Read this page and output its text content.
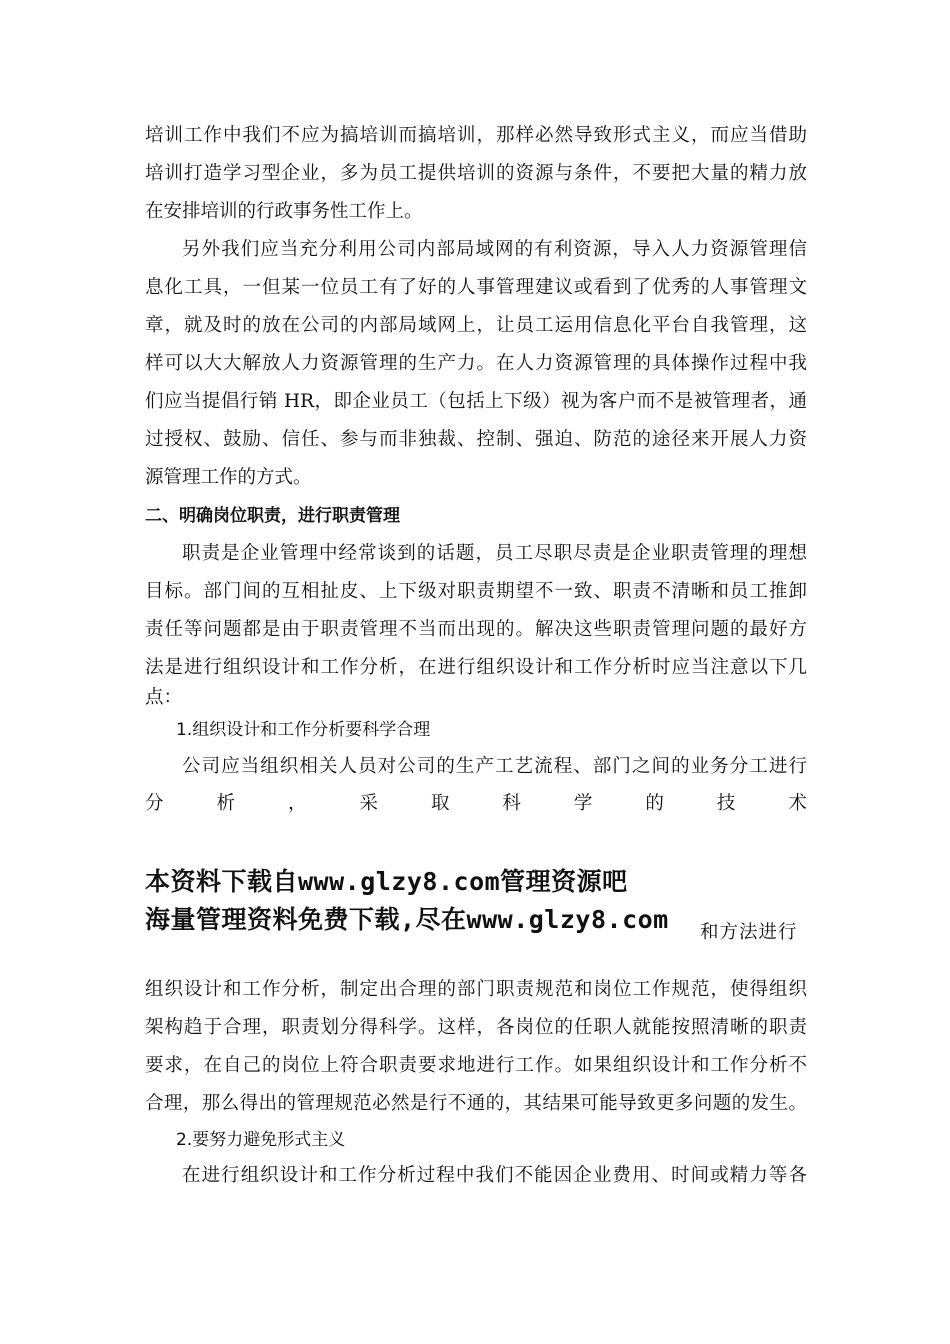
培训工作中我们不应为搞培训而搞培训，那样必然导致形式主义，而应当借助
培训打造学习型企业，多为员工提供培训的资源与条件，不要把大量的精力放
在安排培训的行政事务性工作上。
另外我们应当充分利用公司内部局域网的有利资源，导入人力资源管理信
息化工具，一但某一位员工有了好的人事管理建议或看到了优秀的人事管理文
章，就及时的放在公司的内部局域网上，让员工运用信息化平台自我管理，这
样可以大大解放人力资源管理的生产力。在人力资源管理的具体操作过程中我
们应当提倡行销 HR，即企业员工（包括上下级）视为客户而不是被管理者，通
过授权、鼓励、信任、参与而非独裁、控制、强迫、防范的途径来开展人力资
源管理工作的方式。
二、明确岗位职责，进行职责管理
职责是企业管理中经常谈到的话题，员工尽职尽责是企业职责管理的理想
目标。部门间的互相扯皮、上下级对职责期望不一致、职责不清晰和员工推卸
责任等问题都是由于职责管理不当而出现的。解决这些职责管理问题的最好方
法是进行组织设计和工作分析，在进行组织设计和工作分析时应当注意以下几
点：
1.组织设计和工作分析要科学合理
公司应当组织相关人员对公司的生产工艺流程、部门之间的业务分工进行
分	析	，	采	取	科	学	的	技	术
本资料下载自www.glzy8.com管理资源吧
海量管理资料免费下载,尽在www.glzy8.com 和方法进行
组织设计和工作分析，制定出合理的部门职责规范和岗位工作规范，使得组织
架构趋于合理，职责划分得科学。这样，各岗位的任职人就能按照清晰的职责
要求，在自己的岗位上符合职责要求地进行工作。如果组织设计和工作分析不
合理，那么得出的管理规范必然是行不通的，其结果可能导致更多问题的发生。
2.要努力避免形式主义
在进行组织设计和工作分析过程中我们不能因企业费用、时间或精力等各
